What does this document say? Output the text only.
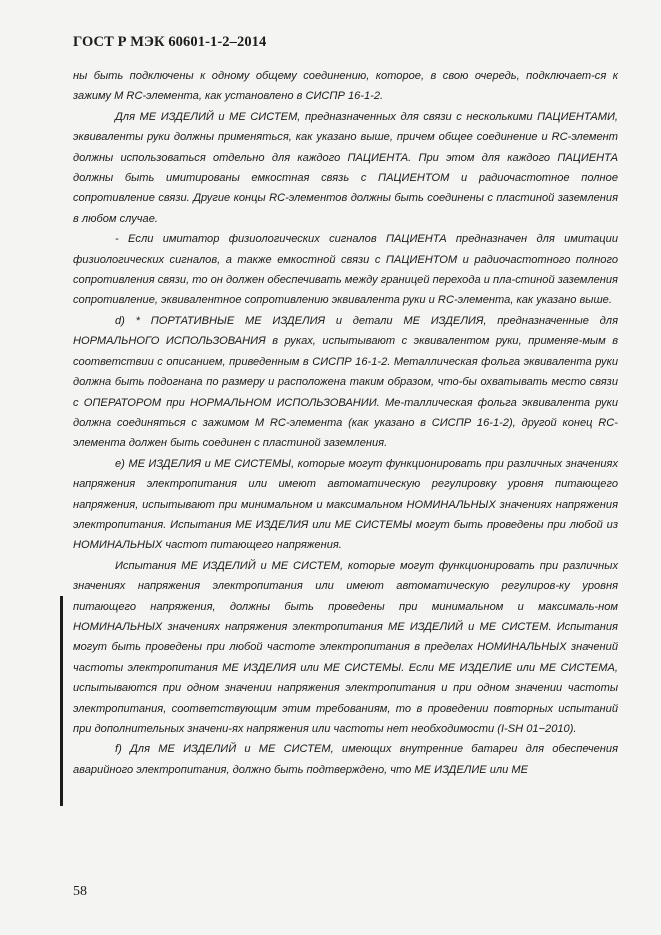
ГОСТ Р МЭК 60601-1-2–2014

ны быть подключены к одному общему соединению, которое, в свою очередь, подключает-ся к зажиму М RC-элемента, как установлено в СИСПР 16-1-2.

Для МЕ ИЗДЕЛИЙ и МЕ СИСТЕМ, предназначенных для связи с несколькими ПАЦИЕНТАМИ, эквиваленты руки должны применяться, как указано выше, причем общее соединение и RC-элемент должны использоваться отдельно для каждого ПАЦИЕНТА. При этом для каждого ПАЦИЕНТА должны быть имитированы емкостная связь с ПАЦИЕНТОМ и радиочастотное полное сопротивление связи. Другие концы RC-элементов должны быть соединены с пластиной заземления в любом случае.

- Если имитатор физиологических сигналов ПАЦИЕНТА предназначен для имитации физиологических сигналов, а также емкостной связи с ПАЦИЕНТОМ и радиочастотного полного сопротивления связи, то он должен обеспечивать между границей перехода и пла-стиной заземления сопротивление, эквивалентное сопротивлению эквивалента руки и RC-элемента, как указано выше.

d) * ПОРТАТИВНЫЕ МЕ ИЗДЕЛИЯ и детали МЕ ИЗДЕЛИЯ, предназначенные для НОРМАЛЬНОГО ИСПОЛЬЗОВАНИЯ в руках, испытывают с эквивалентом руки, применяе-мым в соответствии с описанием, приведенным в СИСПР 16-1-2. Металлическая фольга эквивалента руки должна быть подогнана по размеру и расположена таким образом, что-бы охватывать место связи с ОПЕРАТОРОМ при НОРМАЛЬНОМ ИСПОЛЬЗОВАНИИ. Ме-таллическая фольга эквивалента руки должна соединяться с зажимом М RC-элемента (как указано в СИСПР 16-1-2), другой конец RC-элемента должен быть соединен с пластиной заземления.

e) МЕ ИЗДЕЛИЯ и МЕ СИСТЕМЫ, которые могут функционировать при различных значениях напряжения электропитания или имеют автоматическую регулировку уровня питающего напряжения, испытывают при минимальном и максимальном НОМИНАЛЬНЫХ значениях напряжения электропитания. Испытания МЕ ИЗДЕЛИЯ или МЕ СИСТЕМЫ могут быть проведены при любой из НОМИНАЛЬНЫХ частот питающего напряжения.

Испытания МЕ ИЗДЕЛИЙ и МЕ СИСТЕМ, которые могут функционировать при различных значениях напряжения электропитания или имеют автоматическую регулиров-ку уровня питающего напряжения, должны быть проведены при минимальном и максималь-ном НОМИНАЛЬНЫХ значениях напряжения электропитания МЕ ИЗДЕЛИЙ и МЕ СИСТЕМ. Испытания могут быть проведены при любой частоте электропитания в пределах НОМИНАЛЬНЫХ значений частоты электропитания МЕ ИЗДЕЛИЯ или МЕ СИСТЕМЫ. Если МЕ ИЗДЕЛИЕ или МЕ СИСТЕМА, испытываются при одном значении напряжения электропитания и при одном значении частоты электропитания, соответствующим этим требованиям, то в проведении повторных испытаний при дополнительных значени-ях напряжения или частоты нет необходимости (I-SH 01−2010).

f) Для МЕ ИЗДЕЛИЙ и МЕ СИСТЕМ, имеющих внутренние батареи для обеспечения аварийного электропитания, должно быть подтверждено, что МЕ ИЗДЕЛИЕ или МЕ

58
